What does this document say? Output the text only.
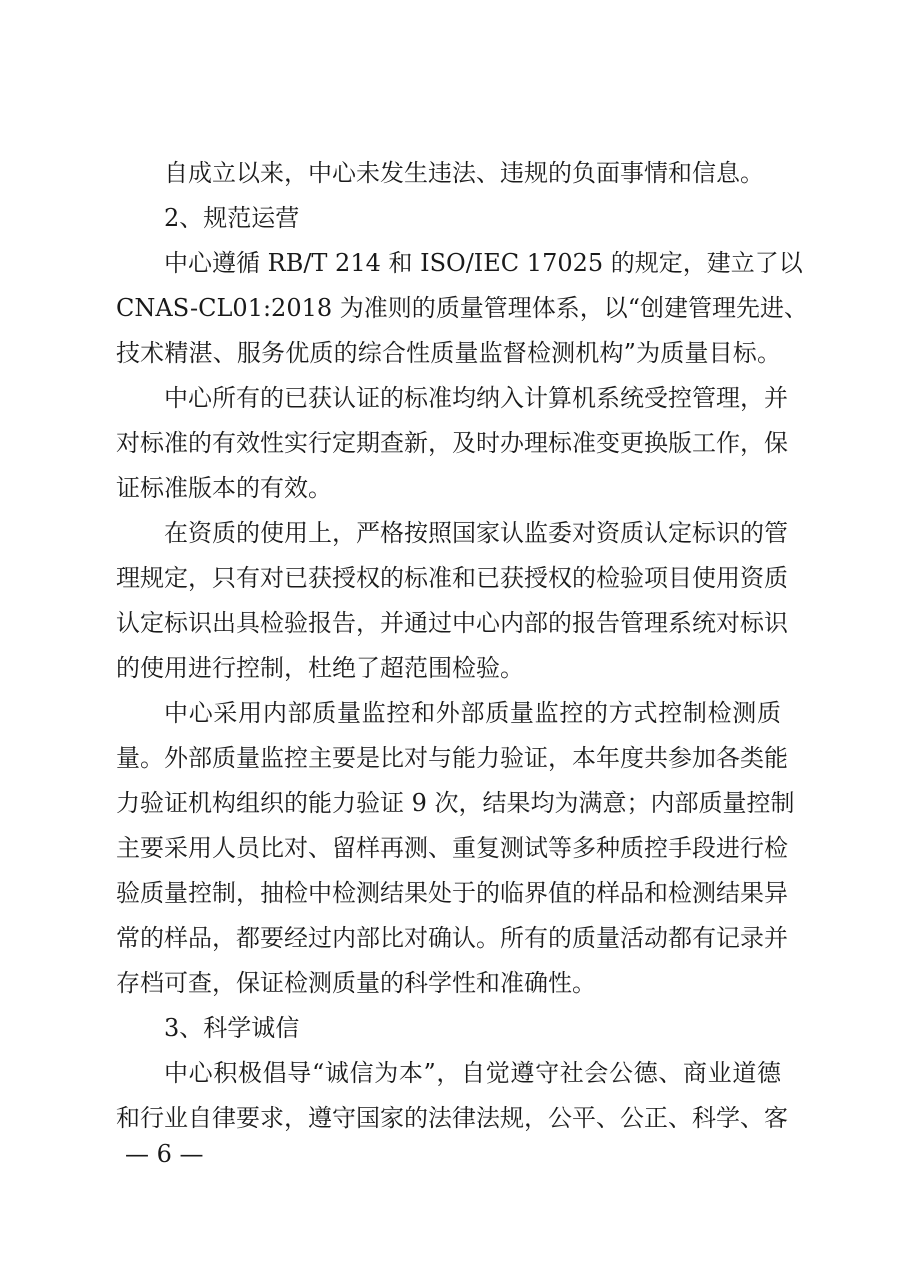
自成立以来，中心未发生违法、违规的负面事情和信息。
2、规范运营
中心遵循 RB/T 214 和 ISO/IEC 17025 的规定，建立了以
CNAS-CL01:2018 为准则的质量管理体系，以“创建管理先进、
技术精湛、服务优质的综合性质量监督检测机构”为质量目标。
中心所有的已获认证的标准均纳入计算机系统受控管理，并
对标准的有效性实行定期查新，及时办理标准变更换版工作，保
证标准版本的有效。
在资质的使用上，严格按照国家认监委对资质认定标识的管
理规定，只有对已获授权的标准和已获授权的检验项目使用资质
认定标识出具检验报告，并通过中心内部的报告管理系统对标识
的使用进行控制，杜绝了超范围检验。
中心采用内部质量监控和外部质量监控的方式控制检测质
量。外部质量监控主要是比对与能力验证，本年度共参加各类能
力验证机构组织的能力验证 9 次，结果均为满意；内部质量控制
主要采用人员比对、留样再测、重复测试等多种质控手段进行检
验质量控制，抽检中检测结果处于的临界值的样品和检测结果异
常的样品，都要经过内部比对确认。所有的质量活动都有记录并
存档可查，保证检测质量的科学性和准确性。
3、科学诚信
中心积极倡导“诚信为本”，自觉遵守社会公德、商业道德
和行业自律要求，遵守国家的法律法规，公平、公正、科学、客
— 6 —
